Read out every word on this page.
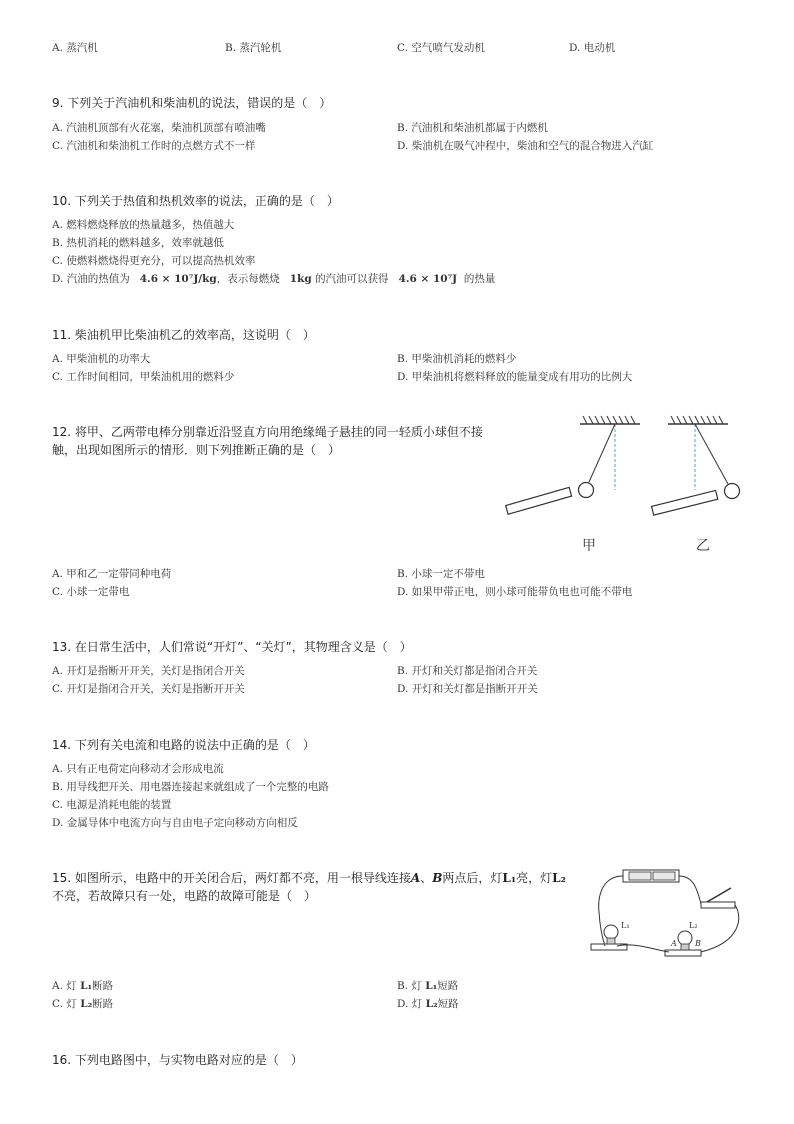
A. 蒸汽机	B. 蒸汽轮机	C. 空气喷气发动机	D. 电动机
9. 下列关于汽油机和柴油机的说法，错误的是（　）
A. 汽油机顶部有火花塞，柴油机顶部有喷油嘴	B. 汽油机和柴油机都属于内燃机
C. 汽油机和柴油机工作时的点燃方式不一样	D. 柴油机在吸气冲程中，柴油和空气的混合物进入汽缸
10. 下列关于热值和热机效率的说法，正确的是（　）
A. 燃料燃烧释放的热量越多，热值越大
B. 热机消耗的燃料越多，效率就越低
C. 使燃料燃烧得更充分，可以提高热机效率
D. 汽油的热值为 4.6 × 10⁷J/kg，表示每燃烧 1kg 的汽油可以获得 4.6 × 10⁷J 的热量
11. 柴油机甲比柴油机乙的效率高，这说明（　）
A. 甲柴油机的功率大	B. 甲柴油机消耗的燃料少
C. 工作时间相同，甲柴油机用的燃料少	D. 甲柴油机将燃料释放的能量变成有用功的比例大
12. 将甲、乙两带电棒分别靠近沿竖直方向用绝缘绳子悬挂的同一轻质小球但不接
触，出现如图所示的情形．则下列推断正确的是（　）
甲	乙
A. 甲和乙一定带同种电荷	B. 小球一定不带电
C. 小球一定带电	D. 如果甲带正电，则小球可能带负电也可能不带电
13. 在日常生活中，人们常说“开灯”、“关灯”，其物理含义是（　）
A. 开灯是指断开开关，关灯是指闭合开关	B. 开灯和关灯都是指闭合开关
C. 开灯是指闭合开关，关灯是指断开开关	D. 开灯和关灯都是指断开开关
14. 下列有关电流和电路的说法中正确的是（　）
A. 只有正电荷定向移动才会形成电流
B. 用导线把开关、用电器连接起来就组成了一个完整的电路
C. 电源是消耗电能的装置
D. 金属导体中电流方向与自由电子定向移动方向相反
15. 如图所示，电路中的开关闭合后，两灯都不亮，用一根导线连接A、B两点后，灯L₁亮，灯L₂
不亮，若故障只有一处，电路的故障可能是（　）
L₁	L₂
A B
A. 灯 L₁断路	B. 灯 L₁短路
C. 灯 L₂断路	D. 灯 L₂短路
16. 下列电路图中，与实物电路对应的是（　）
